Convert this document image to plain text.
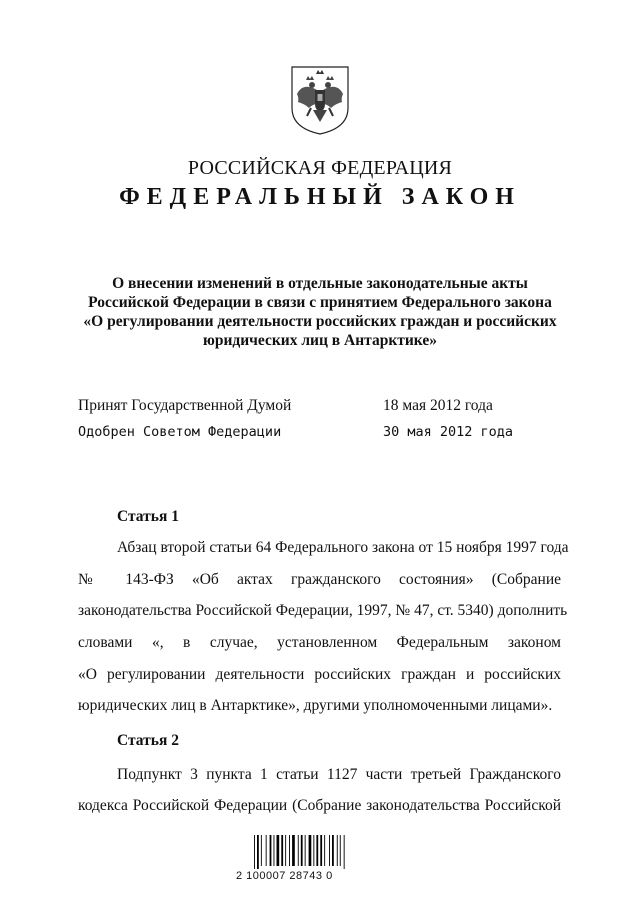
РОССИЙСКАЯ ФЕДЕРАЦИЯ
ФЕДЕРАЛЬНЫЙ ЗАКОН
О внесении изменений в отдельные законодательные акты
Российской Федерации в связи с принятием Федерального закона
«О регулировании деятельности российских граждан и российских
юридических лиц в Антарктике»
Принят Государственной Думой	18 мая 2012 года
Одобрен Советом Федерации	30 мая 2012 года
Статья 1
Абзац второй статьи 64 Федерального закона от 15 ноября 1997 года
№ 143-ФЗ «Об актах гражданского состояния» (Собрание
законодательства Российской Федерации, 1997, № 47, ст. 5340) дополнить
словами «, в случае, установленном Федеральным законом
«О регулировании деятельности российских граждан и российских
юридических лиц в Антарктике», другими уполномоченными лицами».
Статья 2
Подпункт 3 пункта 1 статьи 1127 части третьей Гражданского
кодекса Российской Федерации (Собрание законодательства Российской
2 100007 28743 0
